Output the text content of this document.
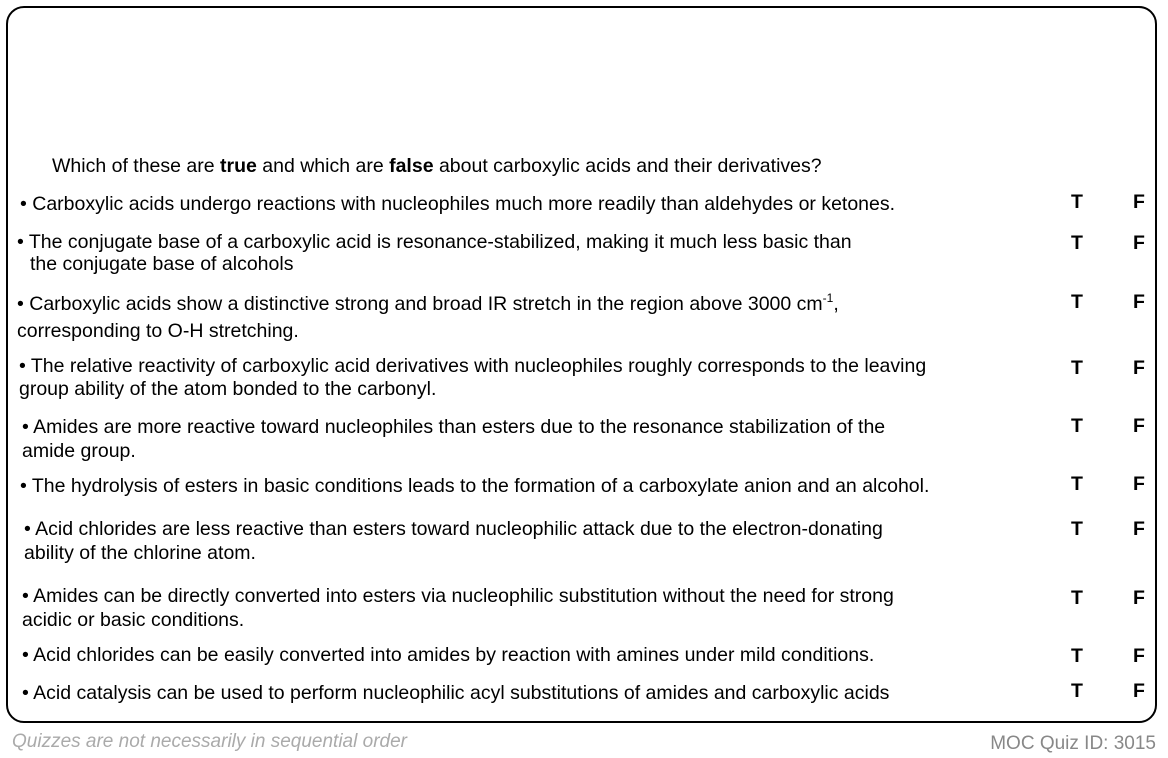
Which of these are true and which are false about carboxylic acids and their derivatives?
• Carboxylic acids undergo reactions with nucleophiles much more readily than aldehydes or ketones.	T	F
• The conjugate base of a carboxylic acid is resonance-stabilized, making it much less basic than
the conjugate base of alcohols
T	F
• Carboxylic acids show a distinctive strong and broad IR stretch in the region above 3000 $cm^{-1}$,
corresponding to O-H stretching.
T	F
• The relative reactivity of carboxylic acid derivatives with nucleophiles roughly corresponds to the leaving
group ability of the atom bonded to the carbonyl.
T	F
• Amides are more reactive toward nucleophiles than esters due to the resonance stabilization of the
amide group.
T	F
• The hydrolysis of esters in basic conditions leads to the formation of a carboxylate anion and an alcohol.	T	F
• Acid chlorides are less reactive than esters toward nucleophilic attack due to the electron-donating
ability of the chlorine atom.
T	F
• Amides can be directly converted into esters via nucleophilic substitution without the need for strong
acidic or basic conditions.
T	F
• Acid chlorides can be easily converted into amides by reaction with amines under mild conditions.	T	F
• Acid catalysis can be used to perform nucleophilic acyl substitutions of amides and carboxylic acids	T	F
Quizzes are not necessarily in sequential order	MOC Quiz ID: 3015
